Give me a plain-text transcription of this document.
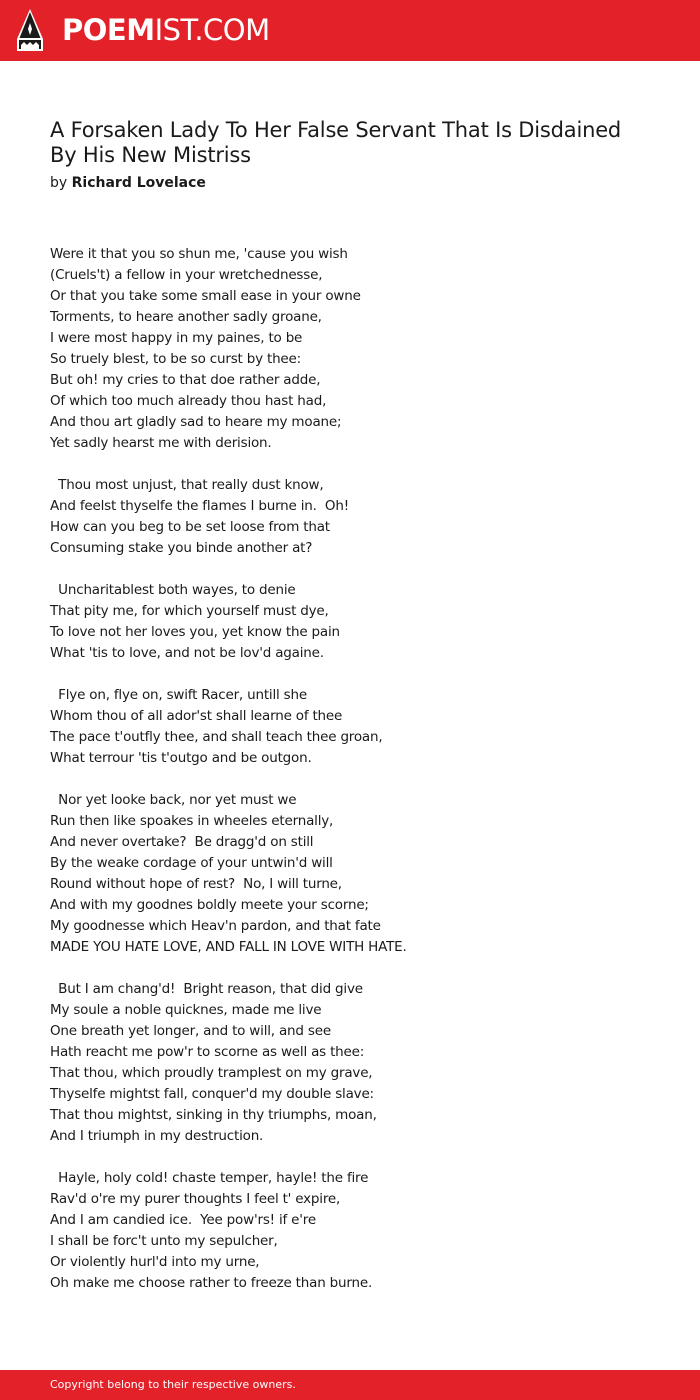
POEMIST.COM
A Forsaken Lady To Her False Servant That Is Disdained By His New Mistriss
by Richard Lovelace
Were it that you so shun me, 'cause you wish
(Cruels't) a fellow in your wretchednesse,
Or that you take some small ease in your owne
Torments, to heare another sadly groane,
I were most happy in my paines, to be
So truely blest, to be so curst by thee:
But oh! my cries to that doe rather adde,
Of which too much already thou hast had,
And thou art gladly sad to heare my moane;
Yet sadly hearst me with derision.

Thou most unjust, that really dust know,
And feelst thyselfe the flames I burne in.  Oh!
How can you beg to be set loose from that
Consuming stake you binde another at?

Uncharitablest both wayes, to denie
That pity me, for which yourself must dye,
To love not her loves you, yet know the pain
What 'tis to love, and not be lov'd againe.

Flye on, flye on, swift Racer, untill she
Whom thou of all ador'st shall learne of thee
The pace t'outfly thee, and shall teach thee groan,
What terrour 'tis t'outgo and be outgon.

Nor yet looke back, nor yet must we
Run then like spoakes in wheeles eternally,
And never overtake?  Be dragg'd on still
By the weake cordage of your untwin'd will
Round without hope of rest?  No, I will turne,
And with my goodnes boldly meete your scorne;
My goodnesse which Heav'n pardon, and that fate
MADE YOU HATE LOVE, AND FALL IN LOVE WITH HATE.

But I am chang'd!  Bright reason, that did give
My soule a noble quicknes, made me live
One breath yet longer, and to will, and see
Hath reacht me pow'r to scorne as well as thee:
That thou, which proudly tramplest on my grave,
Thyselfe mightst fall, conquer'd my double slave:
That thou mightst, sinking in thy triumphs, moan,
And I triumph in my destruction.

Hayle, holy cold! chaste temper, hayle! the fire
Rav'd o're my purer thoughts I feel t' expire,
And I am candied ice.  Yee pow'rs! if e're
I shall be forc't unto my sepulcher,
Or violently hurl'd into my urne,
Oh make me choose rather to freeze than burne.
Copyright belong to their respective owners.
